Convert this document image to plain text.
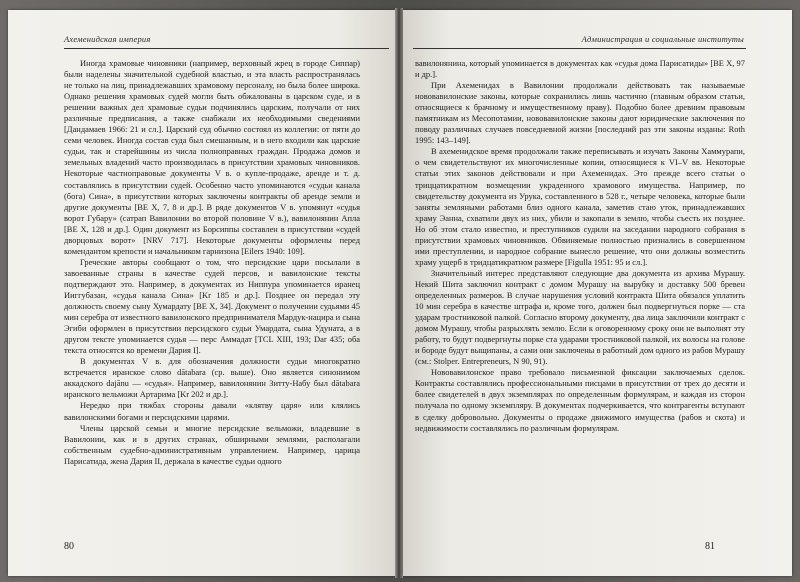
Ахеменидская империя

Иногда храмовые чиновники (например, верховный жрец в городе Сиппар) были наделены значительной судебной властью, и эта власть распространялась не только на лиц, принадлежавших храмовому персоналу, но была более широка. Однако решения храмовых судей могли быть обжалованы в царском суде, и в решении важных дел храмовые судьи подчинялись царским, получали от них различные предписания, а также снабжали их необходимыми сведениями [Дандамаев 1966: 21 и сл.]. Царский суд обычно состоял из коллегии: от пяти до семи человек. Иногда состав суда был смешанным, и в него входили как царские судьи, так и старейшины из числа полноправных граждан. Продажа домов и земельных владений часто производилась в присутствии храмовых чиновников. Некоторые частноправовые документы V в. о купле-продаже, аренде и т. д. составлялись в присутствии судей. Особенно часто упоминаются «судьи канала (бога) Сина», в присутствии которых заключены контракты об аренде земли и другие документы [BE X, 7, 8 и др.]. В ряде документов V в. упомянут «судья ворот Губару» (сатрап Вавилонии во второй половине V в.), вавилонянин Апла [BE X, 128 и др.]. Один документ из Борсиппы составлен в присутствии «судей дворцовых ворот» [NRV 717]. Некоторые документы оформлены перед комендантом крепости и начальником гарнизона [Eilers 1940: 109].

Греческие авторы сообщают о том, что персидские цари посылали в завоеванные страны в качестве судей персов, и вавилонские тексты подтверждают это. Например, в документах из Ниппура упоминается иранец Ииггубазан, «судья канала Сина» [Kr 185 и др.]. Позднее он передал эту должность своему сыну Хумардату [BE X, 34]. Документ о получении судьями 45 мин серебра от известного вавилонского предпринимателя Мардук-нацира и сына Эгиби оформлен в присутствии персидского судьи Умардата, сына Удуната, а в другом тексте упоминается судья — перс Аммадат [TCL XIII, 193; Dar 435; оба текста относятся ко времени Дария I].

В документах V в. для обозначения должности судьи многократно встречается иранское слово dātabara (ср. выше). Оно является синонимом аккадского dajānu — «судья». Например, вавилонянин Зитту-Набу был dātabara иранского вельможи Артарима [Kr 202 и др.].

Нередко при тяжбах стороны давали «клятву царя» или клялись вавилонскими богами и персидскими царями.

Члены царской семьи и многие персидские вельможи, владевшие в Вавилонии, как и в других странах, обширными землями, располагали собственным судебно-административным управлением. Например, царица Парисатида, жена Дария II, держала в качестве судьи одного

80
Администрация и социальные институты

вавилонянина, который упоминается в документах как «судья дома Парисатиды» [BE X, 97 и др.].

При Ахеменидах в Вавилонии продолжали действовать так называемые нововавилонские законы, которые сохранились лишь частично (главным образом статьи, относящиеся к брачному и имущественному праву). Подобно более древним правовым памятникам из Месопотамии, нововавилонские законы дают юридические заключения по поводу различных случаев повседневной жизни [последний раз эти законы изданы: Roth 1995: 143–149].

В ахеменидское время продолжали также переписывать и изучать Законы Хаммурапи, о чем свидетельствуют их многочисленные копии, относящиеся к VI–V вв. Некоторые статьи этих законов действовали и при Ахеменидах. Это прежде всего статьи о триццатикратном возмещении украденного храмового имущества. Например, по свидетельству документа из Урука, составленного в 528 г., четыре человека, которые были заняты земляными работами близ одного канала, заметив стаю уток, принадлежавших храму Эанна, схватили двух из них, убили и закопали в землю, чтобы съесть их позднее. Но об этом стало известно, и преступников судили на заседании народного собрания в присутствии храмовых чиновников. Обвиняемые полностью признались в совершенном ими преступлении, и народное собрание вынесло решение, что они должны возместить храму ущерб в тридцатикратном размере [Figulla 1951: 95 и сл.].

Значительный интерес представляют следующие два документа из архива Мурашу. Некий Шита заключил контракт с домом Мурашу на вырубку и доставку 500 бревен определенных размеров. В случае нарушения условий контракта Шита обязался уплатить 10 мин серебра в качестве штрафа и, кроме того, должен был подвергнуться порке — ста ударам тростниковой палкой. Согласно второму документу, два лица заключили контракт с домом Мурашу, чтобы разрыхлять землю. Если к оговоренному сроку они не выполнят эту работу, то будут подвергнуты порке ста ударами тростниковой палкой, их волосы на голове и бороде будут выщипаны, а сами они заключены в работный дом одного из рабов Мурашу (см.: Stolper. Entrepreneurs, N 90, 91).

Нововавилонское право требовало письменной фиксации заключаемых сделок. Контракты составлялись профессиональными писцами в присутствии от трех до десяти и более свидетелей в двух экземплярах по определенным формулярам, и каждая из сторон получала по одному экземпляру. В документах подчеркивается, что контрагенты вступают в сделку добровольно. Документы о продаже движимого имущества (рабов и скота) и недвижимости составлялись по различным формулярам.

81
